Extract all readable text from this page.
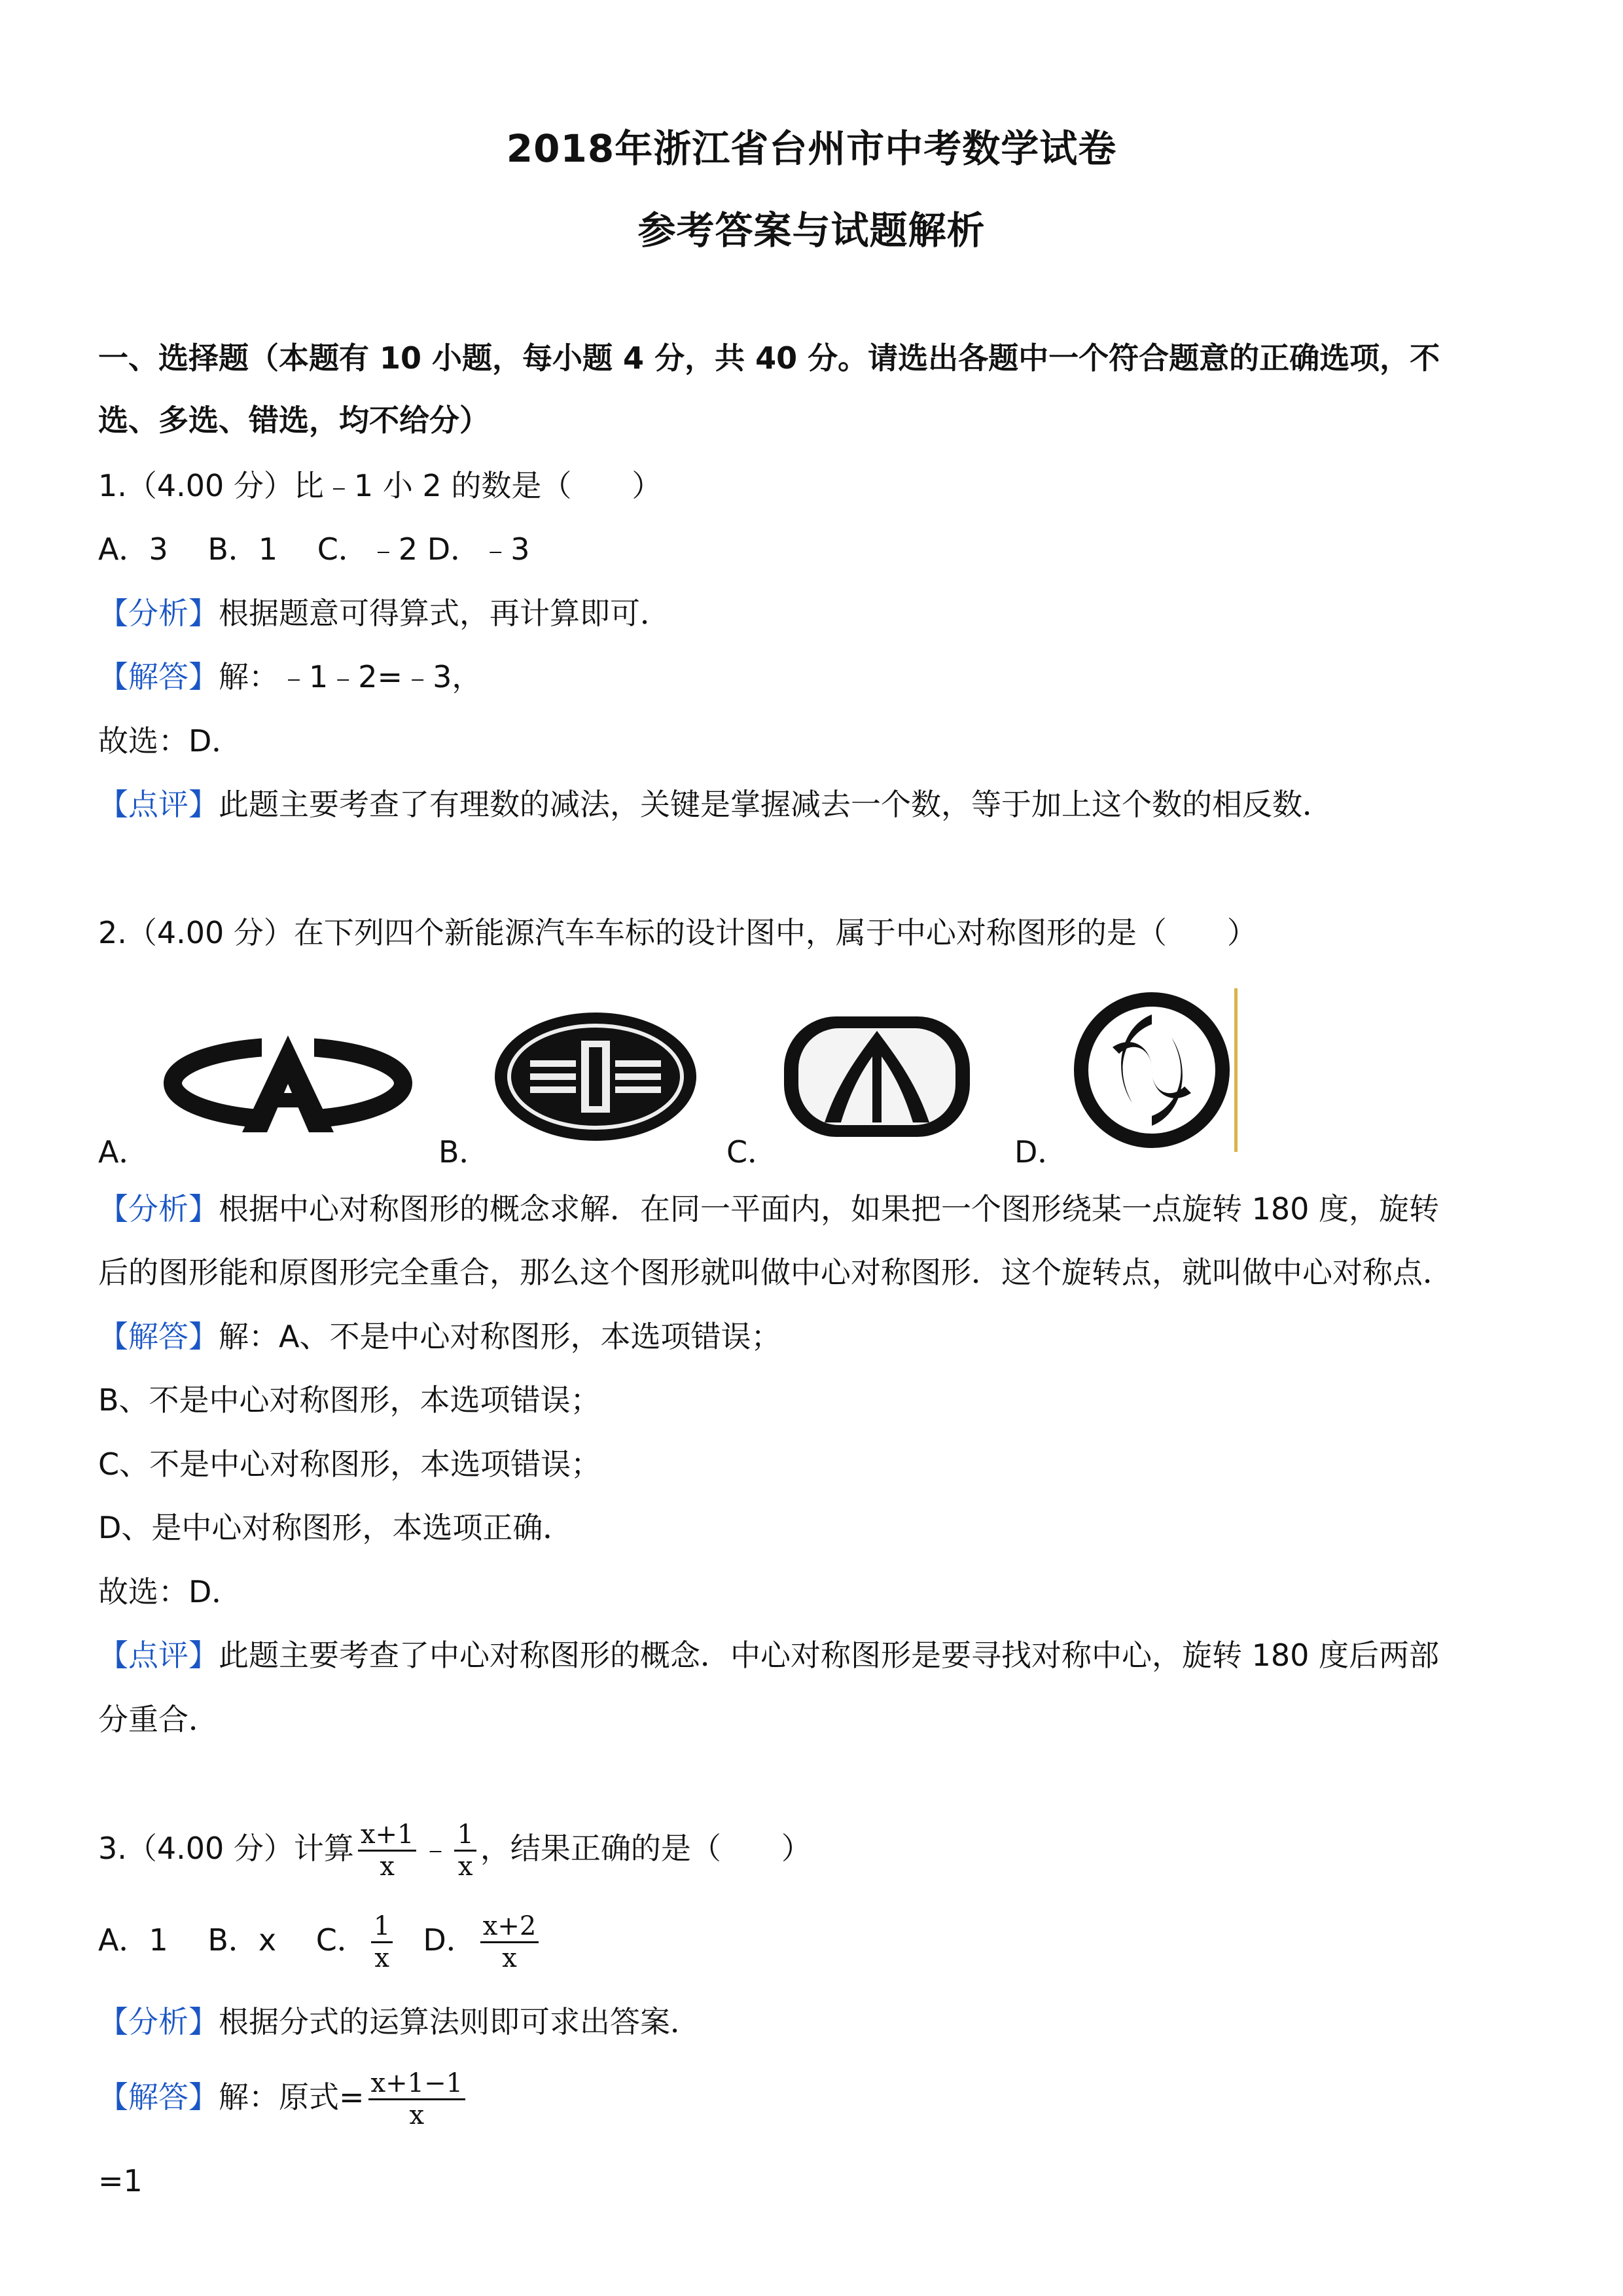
2018年浙江省台州市中考数学试卷
参考答案与试题解析
一、选择题（本题有 10 小题，每小题 4 分，共 40 分。请选出各题中一个符合题意的正确选项，不
选、多选、错选，均不给分）
1.（4.00 分）比﹣1 小 2 的数是（　　）
A．3　 B．1　 C．﹣2 D．﹣3
【分析】根据题意可得算式，再计算即可．
【解答】解：﹣1﹣2=﹣3，
故选：D．
【点评】此题主要考查了有理数的减法，关键是掌握减去一个数，等于加上这个数的相反数．
2.（4.00 分）在下列四个新能源汽车车标的设计图中，属于中心对称图形的是（　　）
A．	B．	C．	D．
【分析】根据中心对称图形的概念求解．在同一平面内，如果把一个图形绕某一点旋转 180 度，旋转
后的图形能和原图形完全重合，那么这个图形就叫做中心对称图形．这个旋转点，就叫做中心对称点．
【解答】解：A、不是中心对称图形，本选项错误；
B、不是中心对称图形，本选项错误；
C、不是中心对称图形，本选项错误；
D、是中心对称图形，本选项正确．
故选：D．
【点评】此题主要考查了中心对称图形的概念．中心对称图形是要寻找对称中心，旋转 180 度后两部
分重合．
3.（4.00 分）计算 $\frac{x+1}{x}$ ﹣ $\frac{1}{x}$ ，结果正确的是（　　）
A．1　 B．x　 C． $\frac{1}{x}$ D． $\frac{x+2}{x}$
【分析】根据分式的运算法则即可求出答案．
【解答】解：原式= $\frac{x+1-1}{x}$
=1
